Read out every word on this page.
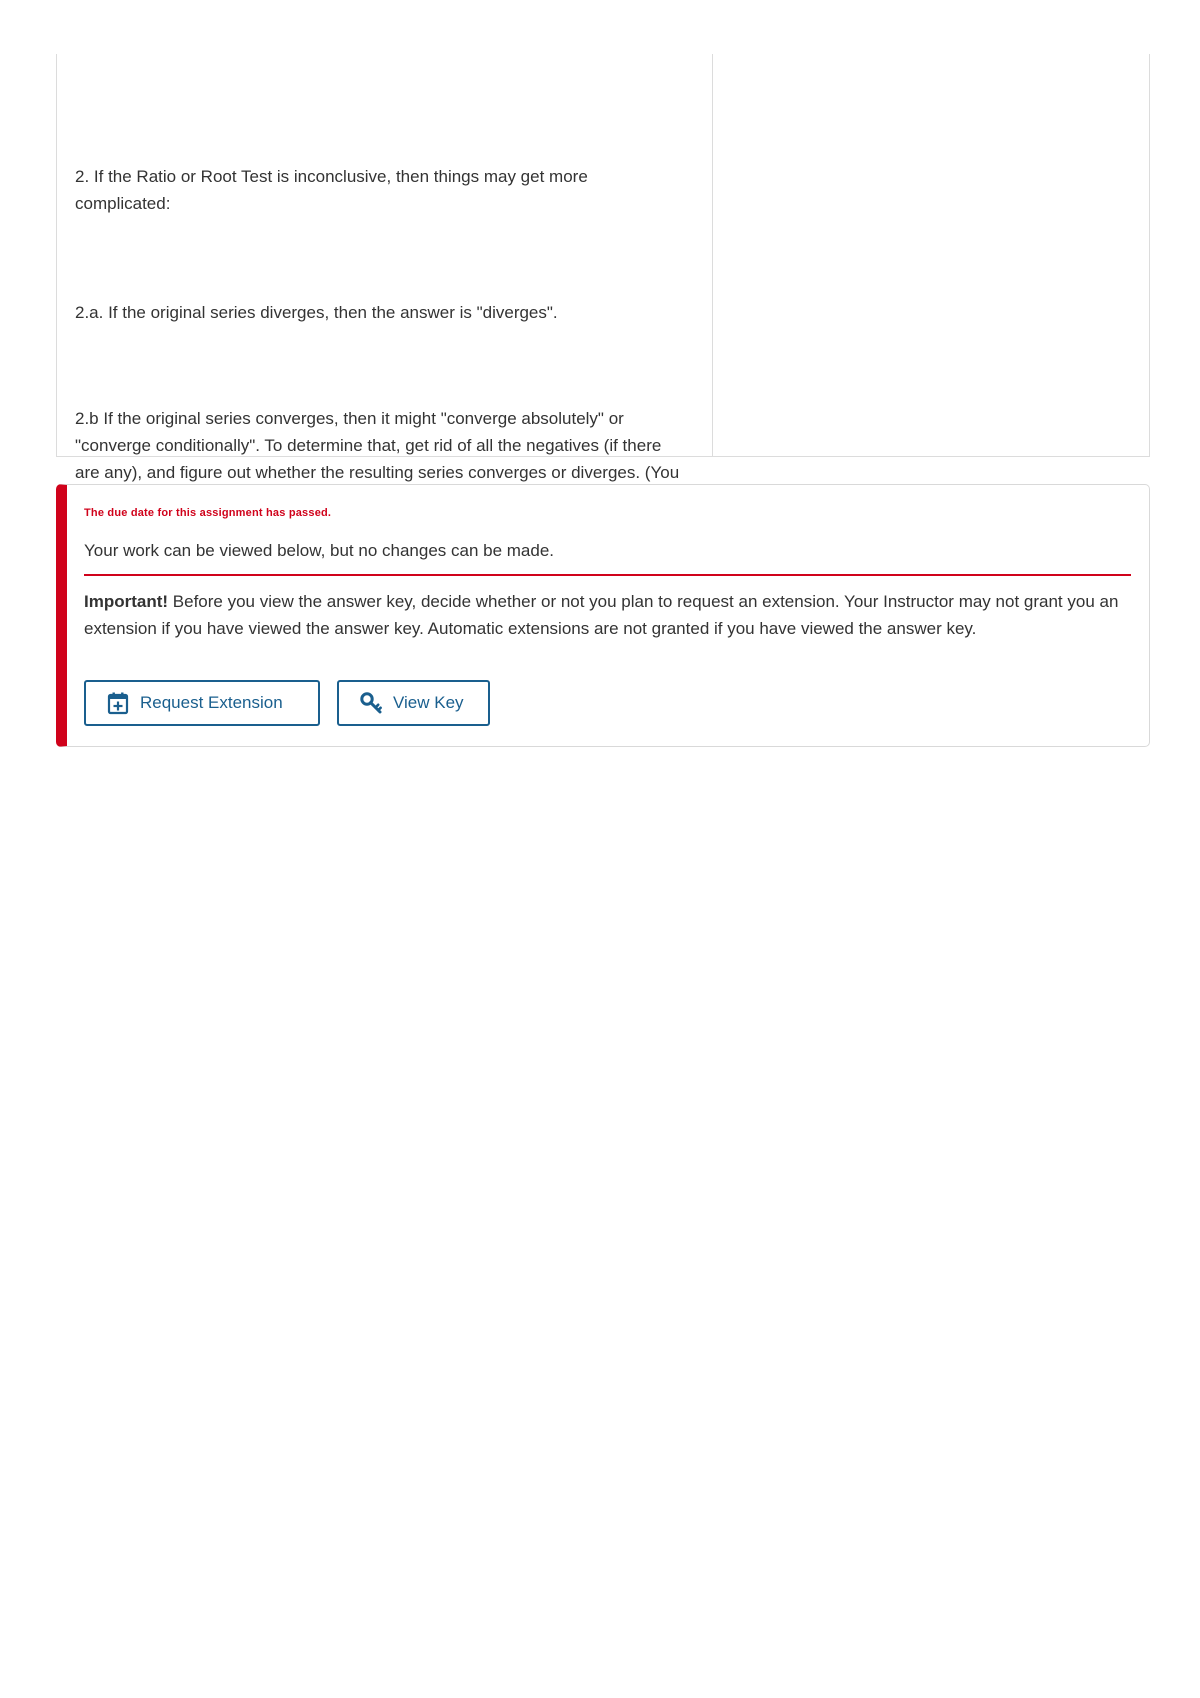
2. If the Ratio or Root Test is inconclusive, then things may get more complicated:

2.a. If the original series diverges, then the answer is "diverges".

2.b If the original series converges, then it might "converge absolutely" or "converge conditionally". To determine that, get rid of all the negatives (if there are any), and figure out whether the resulting series converges or diverges. (You

The due date for this assignment has passed.

Your work can be viewed below, but no changes can be made.

Important! Before you view the answer key, decide whether or not you plan to request an extension. Your Instructor may not grant you an extension if you have viewed the answer key. Automatic extensions are not granted if you have viewed the answer key.

Request Extension	View Key
